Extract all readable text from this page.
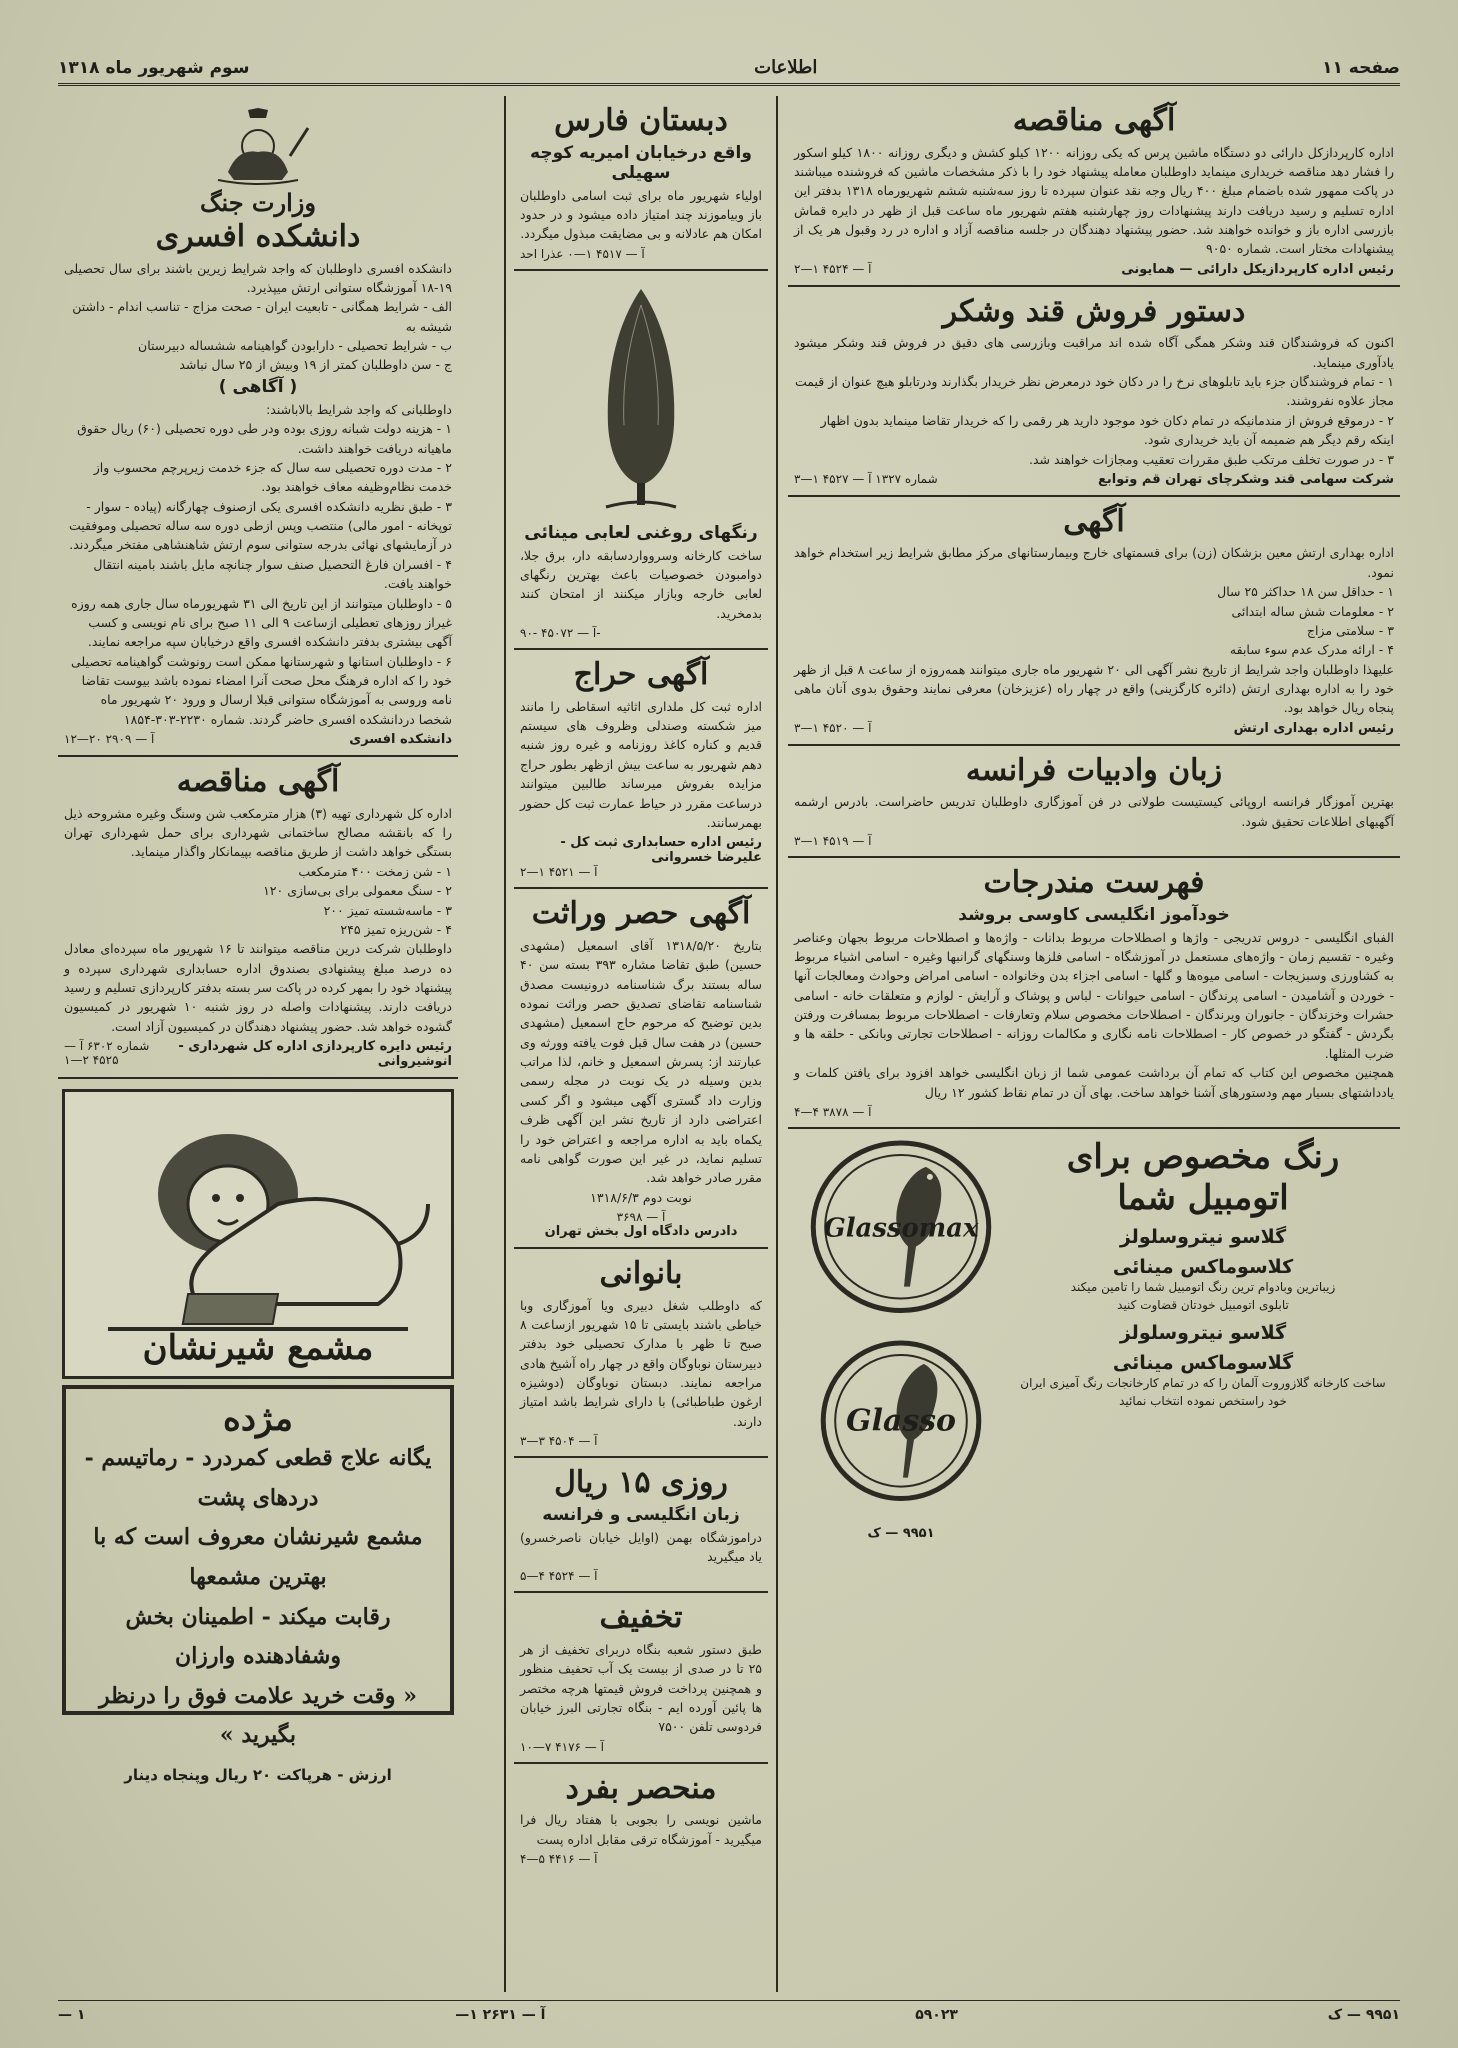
صفحه ۱۱
اطلاعات
سوم شهریور ماه ۱۳۱۸
آگهی مناقصه

اداره کارپردازکل دارائی دو دستگاه ماشین پرس که یکی روزانه ۱۲۰۰ کیلو کشش و دیگری روزانه ۱۸۰۰ کیلو اسکور را فشار دهد مناقصه خریداری مینماید داوطلبان معامله پیشنهاد خود را با ذکر مشخصات ماشین که فروشنده میباشند در پاکت ممهور شده باضمام مبلغ ۴۰۰ ریال وجه نقد عنوان سپرده تا روز سه‌شنبه ششم شهریورماه ۱۳۱۸ بدفتر این اداره تسلیم و رسید دریافت دارند پیشنهادات روز چهارشنبه هفتم شهریور ماه ساعت قبل از ظهر در دایره قماش بازرسی اداره باز و خوانده خواهند شد. حضور پیشنهاد دهندگان در جلسه مناقصه آزاد و اداره در رد وقبول هر یک از پیشنهادات مختار است. شماره ۹۰۵۰

رئیس اداره کارپردازیکل دارائی — همایونی
آ — ۴۵۲۴ ۱—۲
دستور فروش قند وشکر

اکنون که فروشندگان قند وشکر همگی آگاه شده اند مراقبت وبازرسی های دقیق در فروش قند وشکر میشود یادآوری مینماید.

۱ - تمام فروشندگان جزء باید تابلوهای نرخ را در دکان خود درمعرض نظر خریدار بگذارند ودرتابلو هیچ عنوان از قیمت مجاز علاوه نفروشند.
۲ - درموقع فروش از مندمانیکه در تمام دکان خود موجود دارید هر رقمی را که خریدار تقاضا مینماید بدون اظهار اینکه رقم دیگر هم ضمیمه آن باید خریداری شود.
۳ - در صورت تخلف مرتکب طبق مقررات تعقیب ومجازات خواهند شد.
شرکت سهامی قند وشکرچای تهران قم وتوابع
شماره ۱۳۲۷ آ — ۴۵۲۷ ۱—۳
آگهی

اداره بهداری ارتش معین بزشکان (زن) برای قسمتهای خارج وبیمارستانهای مرکز مطابق شرایط زیر استخدام خواهد نمود.

۱ - حداقل سن ۱۸ حداکثر ۲۵ سال
۲ - معلومات شش ساله ابتدائی
۳ - سلامتی مزاج
۴ - ارائه مدرک عدم سوء سابقه

علیهذا داوطلبان واجد شرایط از تاریخ نشر آگهی الی ۲۰ شهریور ماه جاری میتوانند همه‌روزه از ساعت ۸ قبل از ظهر خود را به اداره بهداری ارتش (دائره کارگزینی) واقع در چهار راه (عزیزخان) معرفی نمایند وحقوق بدوی آنان ماهی پنجاه ریال خواهد بود.

رئیس اداره بهداری ارتش
آ — ۴۵۲۰ ۱—۳
زبان وادبیات فرانسه

بهترین آموزگار فرانسه اروپائی کیستیست طولانی در فن آموزگاری داوطلبان تدریس حاضراست. بادرس ارشمه آگهیهای اطلاعات تحقیق شود.

آ — ۴۵۱۹ ۱—۳
فهرست مندرجات
خودآموز انگلیسی کاوسی بروشد

الفبای انگلیسی - دروس تدریجی - واژها و اصطلاحات مربوط بدانات - واژه‌ها و اصطلاحات مربوط بجهان وعناصر وغیره - تقسیم زمان - واژه‌های مستعمل در آموزشگاه - اسامی فلزها وسنگهای گرانبها وغیره - اسامی اشیاء مربوط به کشاورزی وسبزیجات - اسامی میوه‌ها و گلها - اسامی اجزاء بدن وخانواده - اسامی امراض وحوادث ومعالجات آنها - خوردن و آشامیدن - اسامی پرندگان - اسامی حیوانات - لباس و پوشاک و آرایش - لوازم و متعلقات خانه - اسامی حشرات وخزندگان - جانوران ویرندگان - اصطلاحات مخصوص سلام وتعارفات - اصطلاحات مربوط بمسافرت ورفتن بگردش - گفتگو در خصوص کار - اصطلاحات نامه نگاری و مکالمات روزانه - اصطلاحات تجارتی وبانکی - حلقه ها و ضرب المثلها.

همچنین مخصوص این کتاب که تمام آن برداشت عمومی شما از زبان انگلیسی خواهد افزود برای یافتن کلمات و یادداشتهای بسیار مهم ودستورهای آشنا خواهد ساخت. بهای آن در تمام نقاط کشور ۱۲ ریال

آ — ۳۸۷۸ ۴—۴
رنگ مخصوص برای اتومبیل شما
گلاسو نیتروسلولز
کلاسوماکس مینائی
زیباترین وبادوام ترین رنگ اتومبیل شما را تامین میکند
تابلوی اتومبیل خودتان قضاوت کنید
گلاسو نیتروسلولز
گلاسوماکس مینائی
ساخت کارخانه گلازوروت آلمان را که در تمام کارخانجات رنگ آمیزی ایران خود راستخص نموده انتخاب نمائید
Glassomax
Glasso
۹۹۵۱ — ک
دبستان فارس
واقع درخیابان امیریه کوچه سهیلی

اولیاء شهریور ماه برای ثبت اسامی داوطلبان باز وبیاموزند چند امتیاز داده میشود و در حدود امکان هم عادلانه و بی مضایقت مبذول میگردد.

آ — ۴۵۱۷ ۱—۰ عذرا احد
رنگهای روغنی لعابی مینائی

ساخت کارخانه وسروواردسابقه دار، برق جلا، دوامبودن خصوصیات باعث بهترین رنگهای لعابی خارجه وبازار میکنند از امتحان کنند بدمخرید.

آ — ۴۵۰۷۲ -۹۰-
آگهی حراج

اداره ثبت کل ملداری اثاثیه اسقاطی را مانند میز شکسته وصندلی وظروف های سیستم قدیم و کناره کاغذ روزنامه و غیره روز شنبه دهم شهریور به ساعت بیش ازظهر بطور حراج مزایده بفروش میرساند طالبین میتوانند درساعت مقرر در حیاط عمارت ثبت کل حضور بهمرسانند.

رئیس اداره حسابداری ثبت کل - علیرضا خسروانی
آ — ۴۵۲۱ ۱—۲
آگهی حصر وراثت

بتاریخ ۱۳۱۸/۵/۲۰ آقای اسمعیل (مشهدی حسین) طبق تقاضا مشاره ۳۹۳ بسته سن ۴۰ ساله بستند برگ شناسنامه درونیست مصدق شناسنامه تقاضای تصدیق حصر وراثت نموده بدین توضیح که مرحوم حاج اسمعیل (مشهدی حسین) در هفت سال قبل فوت یافته وورثه وی عبارتند از: پسرش اسمعیل و خانم، لذا مراتب بدین وسیله در یک نوبت در مجله رسمی وزارت داد گستری آگهی میشود و اگر کسی اعتراضی دارد از تاریخ نشر این آگهی ظرف یکماه باید به اداره مراجعه و اعتراض خود را تسلیم نماید، در غیر این صورت گواهی نامه مقرر صادر خواهد شد.

نوبت دوم ۱۳۱۸/۶/۳

آ — ۳۶۹۸
دادرس دادگاه اول بخش تهران
بانوانی

که داوطلب شغل دبیری ویا آموزگاری وبا خیاطی باشند بایستی تا ۱۵ شهریور ازساعت ۸ صبح تا ظهر با مدارک تحصیلی خود بدفتر دبیرستان نوباوگان واقع در چهار راه آشیخ هادی مراجعه نمایند. دبستان نوباوگان (دوشیزه ارغون طباطبائی) با دارای شرایط باشد امتیاز دارند.

آ — ۴۵۰۴ ۳—۳
روزی ۱۵ ریال
زبان انگلیسی و فرانسه

دراموزشگاه بهمن (اوایل خیابان ناصرخسرو) یاد میگیرید

آ — ۴۵۲۴ ۴—۵
تخفیف

طبق دستور شعبه بنگاه دربرای تخفیف از هر ۲۵ تا در صدی از بیست یک آب تحفیف منظور و همچنین پرداخت فروش قیمتها هرچه مختصر ها پائین آورده ایم - بنگاه تجارتی البرز خیابان فردوسی تلفن ۷۵۰۰

آ — ۴۱۷۶ ۷—۱۰
منحصر بفرد

ماشین نویسی را بجوبی با هفتاد ریال فرا میگیرید - آموزشگاه ترقی مقابل اداره پست

آ — ۴۴۱۶ ۵—۴
وزارت جنگ
دانشکده افسری

دانشکده افسری داوطلبان که واجد شرایط زیرین باشند برای سال تحصیلی ۱۹-۱۸ آموزشگاه ستوانی ارتش میپذیرد.

الف - شرایط همگانی - تابعیت ایران - صحت مزاج - تناسب اندام - داشتن شیشه به
ب - شرایط تحصیلی - دارابودن گواهینامه ششساله دبیرستان
ج - سن داوطلبان کمتر از ۱۹ وبیش از ۲۵ سال نباشد
( آگاهی )
داوطلبانی که واجد شرایط بالاباشند:
۱ - هزینه دولت شبانه روزی بوده ودر طی دوره تحصیلی (۶۰) ریال حقوق ماهیانه دریافت خواهند داشت.
۲ - مدت دوره تحصیلی سه سال که جزء خدمت زیرپرچم محسوب واز خدمت نظام‌وظیفه معاف خواهند بود.
۳ - طبق نظریه دانشکده افسری یکی ازصنوف چهارگانه (پیاده - سوار - توپخانه - امور مالی) منتصب وپس ازطی دوره سه ساله تحصیلی وموفقیت در آزمایشهای نهائی بدرجه ستوانی سوم ارتش شاهنشاهی مفتخر میگردند.
۴ - افسران فارغ التحصیل صنف سوار چنانچه مایل باشند بامینه انتقال خواهند یافت.
۵ - داوطلبان میتوانند از این تاریخ الی ۳۱ شهریورماه سال جاری همه روزه غیراز روزهای تعطیلی ازساعت ۹ الی ۱۱ صبح برای نام نویسی و کسب آگهی بیشتری بدفتر دانشکده افسری واقع درخیابان سپه مراجعه نمایند.
۶ - داوطلبان استانها و شهرستانها ممکن است رونوشت گواهینامه تحصیلی خود را که اداره فرهنگ محل صحت آنرا امضاء نموده باشد بیوست تقاضا نامه وروسی به آموزشگاه ستوانی قبلا ارسال و ورود ۲۰ شهریور ماه شخصا دردانشکده افسری حاضر گردند. شماره ۲۲۳۰-۳۰۳-۱۸۵۴
دانشکده افسری
آ — ۲۹۰۹ ۲۰—۱۲
آگهی مناقصه

اداره کل شهرداری تهیه (۳) هزار مترمکعب شن وسنگ وغیره مشروحه ذیل را که بانقشه مصالح ساختمانی شهرداری برای حمل شهرداری تهران بستگی خواهد داشت از طریق مناقصه بپیمانکار واگذار مینماید.

۱ - شن زمخت ۴۰۰ مترمکعب
۲ - سنگ معمولی برای بی‌سازی ۱۲۰
۳ - ماسه‌شسته تمیز ۲۰۰
۴ - شن‌ریزه تمیز ۲۴۵

داوطلبان شرکت درین مناقصه میتوانند تا ۱۶ شهریور ماه سپرده‌ای معادل ده درصد مبلغ پیشنهادی بصندوق اداره حسابداری شهرداری سپرده و پیشنهاد خود را بمهر کرده در پاکت سر بسته بدفتر کارپردازی تسلیم و رسید دریافت دارند. پیشنهادات واصله در روز شنبه ۱۰ شهریور در کمیسیون گشوده خواهد شد. حضور پیشنهاد دهندگان در کمیسیون آزاد است.

رئیس دایره کارپردازی اداره کل شهرداری - انوشیروانی
شماره ۶۳۰۲ آ — ۴۵۲۵ ۲—۱
مشمع شیرنشان
مژده
یگانه علاج قطعی کمردرد - رماتیسم - دردهای پشت
مشمع شیرنشان معروف است که با بهترین مشمعها
رقابت میکند - اطمینان بخش وشفادهنده وارزان
« وقت خرید علامت فوق را درنظر بگیرید »
ارزش - هرپاکت ۲۰ ریال وپنجاه دینار
۹۹۵۱ — ک
۵۹۰۲۳
آ — ۲۶۳۱ ۱—
۱ —
